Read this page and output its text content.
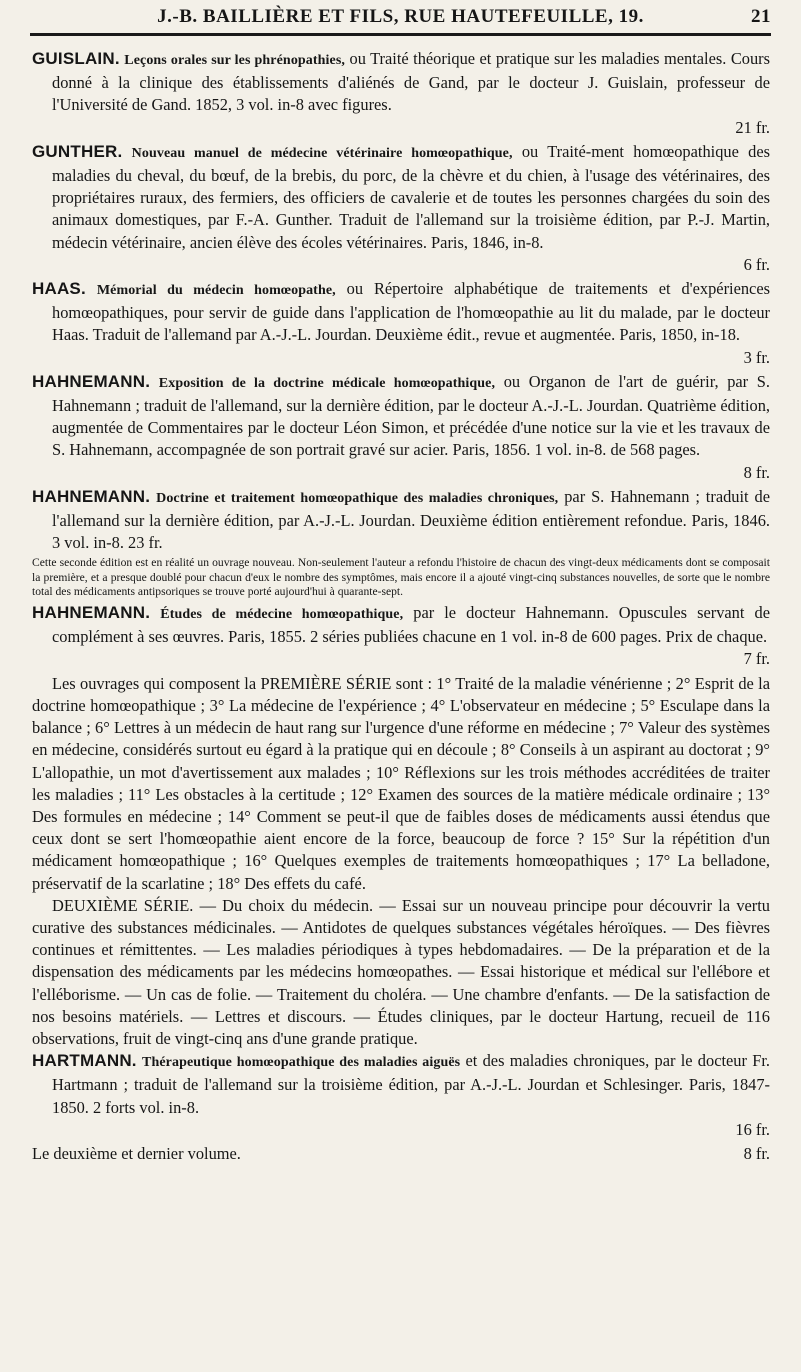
J.-B. BAILLIÈRE ET FILS, RUE HAUTEFEUILLE, 19.	21
GUISLAIN. Leçons orales sur les phrénopathies, ou Traité théorique et pratique sur les maladies mentales. Cours donné à la clinique des établissements d'aliénés de Gand, par le docteur J. Guislain, professeur de l'Université de Gand. 1852, 3 vol. in-8 avec figures.
21 fr.
GUNTHER. Nouveau manuel de médecine vétérinaire homœopathique, ou Traité-ment homœopathique des maladies du cheval, du bœuf, de la brebis, du porc, de la chèvre et du chien, à l'usage des vétérinaires, des propriétaires ruraux, des fermiers, des officiers de cavalerie et de toutes les personnes chargées du soin des animaux domestiques, par F.-A. Gunther. Traduit de l'allemand sur la troisième édition, par P.-J. Martin, médecin vétérinaire, ancien élève des écoles vétérinaires. Paris, 1846, in-8.
6 fr.
HAAS. Mémorial du médecin homœopathe, ou Répertoire alphabétique de traitements et d'expériences homœopathiques, pour servir de guide dans l'application de l'homœopathie au lit du malade, par le docteur Haas. Traduit de l'allemand par A.-J.-L. Jourdan. Deuxième édit., revue et augmentée. Paris, 1850, in-18.
3 fr.
HAHNEMANN. Exposition de la doctrine médicale homœopathique, ou Organon de l'art de guérir, par S. Hahnemann ; traduit de l'allemand, sur la dernière édition, par le docteur A.-J.-L. Jourdan. Quatrième édition, augmentée de Commentaires par le docteur Léon Simon, et précédée d'une notice sur la vie et les travaux de S. Hahnemann, accompagnée de son portrait gravé sur acier. Paris, 1856. 1 vol. in-8. de 568 pages.
8 fr.
HAHNEMANN. Doctrine et traitement homœopathique des maladies chroniques, par S. Hahnemann ; traduit de l'allemand sur la dernière édition, par A.-J.-L. Jourdan. Deuxième édition entièrement refondue. Paris, 1846. 3 vol. in-8. 23 fr.
Cette seconde édition est en réalité un ouvrage nouveau. Non-seulement l'auteur a refondu l'histoire de chacun des vingt-deux médicaments dont se composait la première, et a presque doublé pour chacun d'eux le nombre des symptômes, mais encore il a ajouté vingt-cinq substances nouvelles, de sorte que le nombre total des médicaments antipsoriques se trouve porté aujourd'hui à quarante-sept.
HAHNEMANN. Études de médecine homœopathique, par le docteur Hahnemann. Opuscules servant de complément à ses œuvres. Paris, 1855. 2 séries publiées chacune en 1 vol. in-8 de 600 pages. Prix de chaque.
7 fr.

Les ouvrages qui composent la PREMIÈRE SÉRIE sont : 1° Traité de la maladie vénérienne ; 2° Esprit de la doctrine homœopathique ; 3° La médecine de l'expérience ; 4° L'observateur en médecine ; 5° Esculape dans la balance ; 6° Lettres à un médecin de haut rang sur l'urgence d'une réforme en médecine ; 7° Valeur des systèmes en médecine, considérés surtout eu égard à la pratique qui en découle ; 8° Conseils à un aspirant au doctorat ; 9° L'allopathie, un mot d'avertissement aux malades ; 10° Réflexions sur les trois méthodes accréditées de traiter les maladies ; 11° Les obstacles à la certitude ; 12° Examen des sources de la matière médicale ordinaire ; 13° Des formules en médecine ; 14° Comment se peut-il que de faibles doses de médicaments aussi étendus que ceux dont se sert l'homœopathie aient encore de la force, beaucoup de force ? 15° Sur la répétition d'un médicament homœopathique ; 16° Quelques exemples de traitements homœopathiques ; 17° La belladone, préservatif de la scarlatine ; 18° Des effets du café.

DEUXIÈME SÉRIE. — Du choix du médecin. — Essai sur un nouveau principe pour découvrir la vertu curative des substances médicinales. — Antidotes de quelques substances végétales héroïques. — Des fièvres continues et rémittentes. — Les maladies périodiques à types hebdomadaires. — De la préparation et de la dispensation des médicaments par les médecins homœopathes. — Essai historique et médical sur l'ellébore et l'elléborisme. — Un cas de folie. — Traitement du choléra. — Une chambre d'enfants. — De la satisfaction de nos besoins matériels. — Lettres et discours. — Études cliniques, par le docteur Hartung, recueil de 116 observations, fruit de vingt-cinq ans d'une grande pratique.

HARTMANN. Thérapeutique homœopathique des maladies aiguës et des maladies chroniques, par le docteur Fr. Hartmann ; traduit de l'allemand sur la troisième édition, par A.-J.-L. Jourdan et Schlesinger. Paris, 1847-1850. 2 forts vol. in-8.
16 fr.
Le deuxième et dernier volume.	8 fr.
